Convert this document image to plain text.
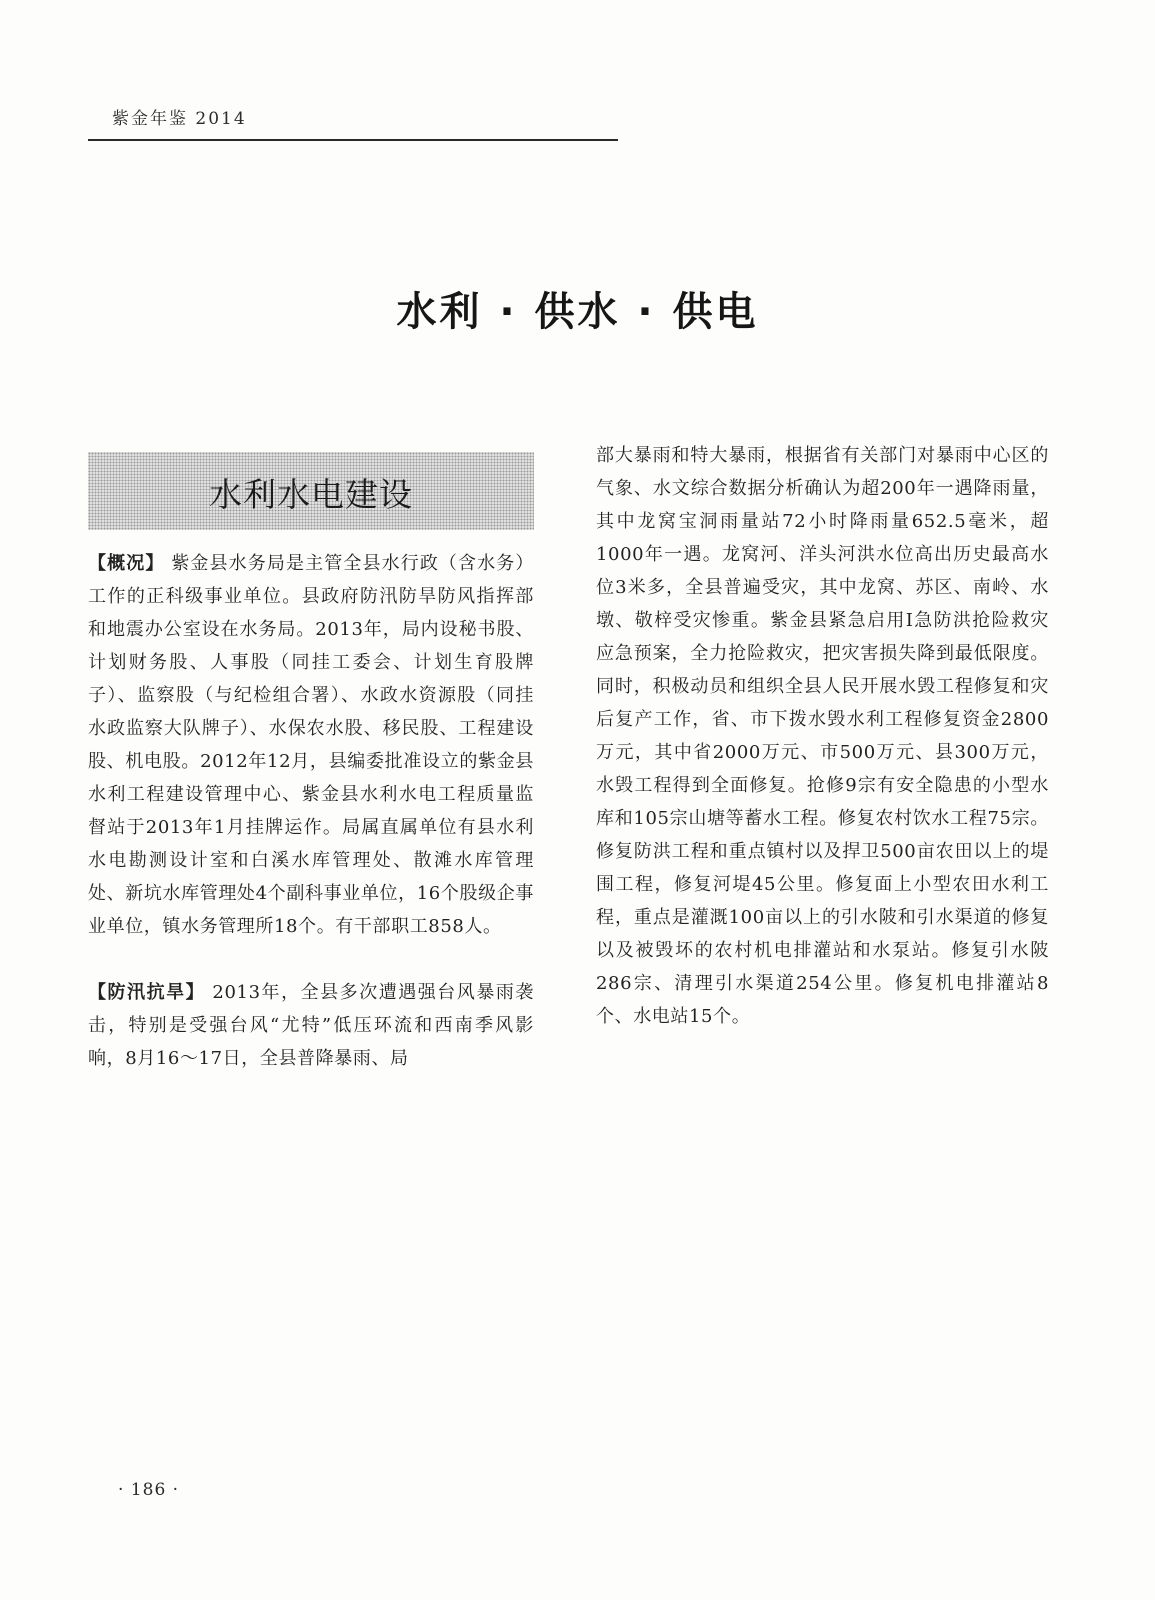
紫金年鉴 2014
水利 · 供水 · 供电
水利水电建设

【概况】 紫金县水务局是主管全县水行政（含水务）工作的正科级事业单位。县政府防汛防旱防风指挥部和地震办公室设在水务局。2013年，局内设秘书股、计划财务股、人事股（同挂工委会、计划生育股牌子）、监察股（与纪检组合署）、水政水资源股（同挂水政监察大队牌子）、水保农水股、移民股、工程建设股、机电股。2012年12月，县编委批准设立的紫金县水利工程建设管理中心、紫金县水利水电工程质量监督站于2013年1月挂牌运作。局属直属单位有县水利水电勘测设计室和白溪水库管理处、散滩水库管理处、新坑水库管理处4个副科事业单位，16个股级企事业单位，镇水务管理所18个。有干部职工858人。

【防汛抗旱】 2013年，全县多次遭遇强台风暴雨袭击，特别是受强台风“尤特”低压环流和西南季风影响，8月16～17日，全县普降暴雨、局

部大暴雨和特大暴雨，根据省有关部门对暴雨中心区的气象、水文综合数据分析确认为超200年一遇降雨量，其中龙窝宝洞雨量站72小时降雨量652.5毫米，超1000年一遇。龙窝河、洋头河洪水位高出历史最高水位3米多，全县普遍受灾，其中龙窝、苏区、南岭、水墩、敬梓受灾惨重。紫金县紧急启用Ⅰ急防洪抢险救灾应急预案，全力抢险救灾，把灾害损失降到最低限度。同时，积极动员和组织全县人民开展水毁工程修复和灾后复产工作，省、市下拨水毁水利工程修复资金2800万元，其中省2000万元、市500万元、县300万元，水毁工程得到全面修复。抢修9宗有安全隐患的小型水库和105宗山塘等蓄水工程。修复农村饮水工程75宗。修复防洪工程和重点镇村以及捍卫500亩农田以上的堤围工程，修复河堤45公里。修复面上小型农田水利工程，重点是灌溉100亩以上的引水陂和引水渠道的修复以及被毁坏的农村机电排灌站和水泵站。修复引水陂286宗、清理引水渠道254公里。修复机电排灌站8个、水电站15个。

· 186 ·
